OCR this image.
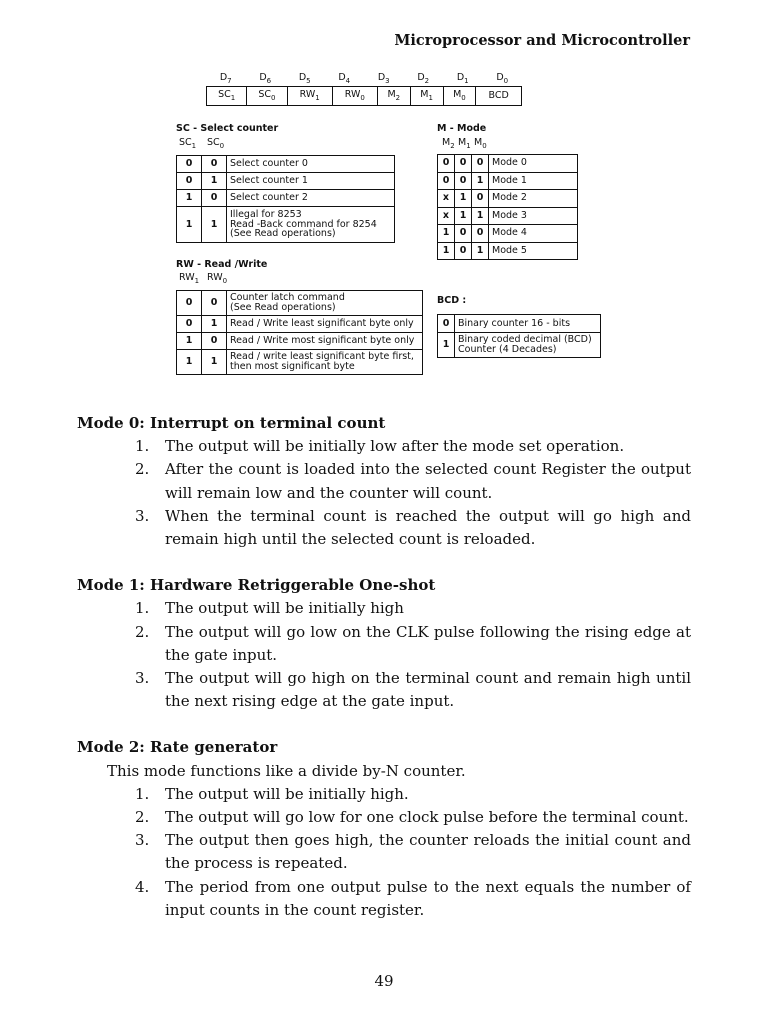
Microprocessor and Microcontroller
$D_7$	$D_6$	$D_5$	$D_4$	$D_3$	$D_2$	$D_1$	$D_0$
$SC_1$	$SC_0$	$RW_1$	$RW_0$	$M_2$	$M_1$	$M_0$	BCD
SC - Select counter
$SC_1$ $SC_0$
0	0	Select counter 0
0	1	Select counter 1
1	0	Select counter 2
1	1	Illegal for 8253
Read -Back command for 8254
(See Read operations)
M - Mode
$M_2$ $M_1$ $M_0$
0	0	0	Mode 0
0	0	1	Mode 1
x	1	0	Mode 2
x	1	1	Mode 3
1	0	0	Mode 4
1	0	1	Mode 5
RW - Read /Write
$RW_1$ $RW_0$
0	0	Counter latch command
(See Read operations)
0	1	Read / Write least significant byte only
1	0	Read / Write most significant byte only
1	1	Read / write least significant byte first,
then most significant byte
BCD :
0	Binary counter 16 - bits
1	Binary coded decimal (BCD)
Counter (4 Decades)
Mode 0: Interrupt on terminal count
1. The output will be initially low after the mode set operation.
2. After the count is loaded into the selected count Register the output will remain low and the counter will count.
3. When the terminal count is reached the output will go high and remain high until the selected count is reloaded.
Mode 1: Hardware Retriggerable One-shot
1. The output will be initially high
2. The output will go low on the CLK pulse following the rising edge at the gate input.
3. The output will go high on the terminal count and remain high until the next rising edge at the gate input.
Mode 2: Rate generator

This mode functions like a divide by-N counter.

1. The output will be initially high.
2. The output will go low for one clock pulse before the terminal count.
3. The output then goes high, the counter reloads the initial count and the process is repeated.
4. The period from one output pulse to the next equals the number of input counts in the count register.
49
